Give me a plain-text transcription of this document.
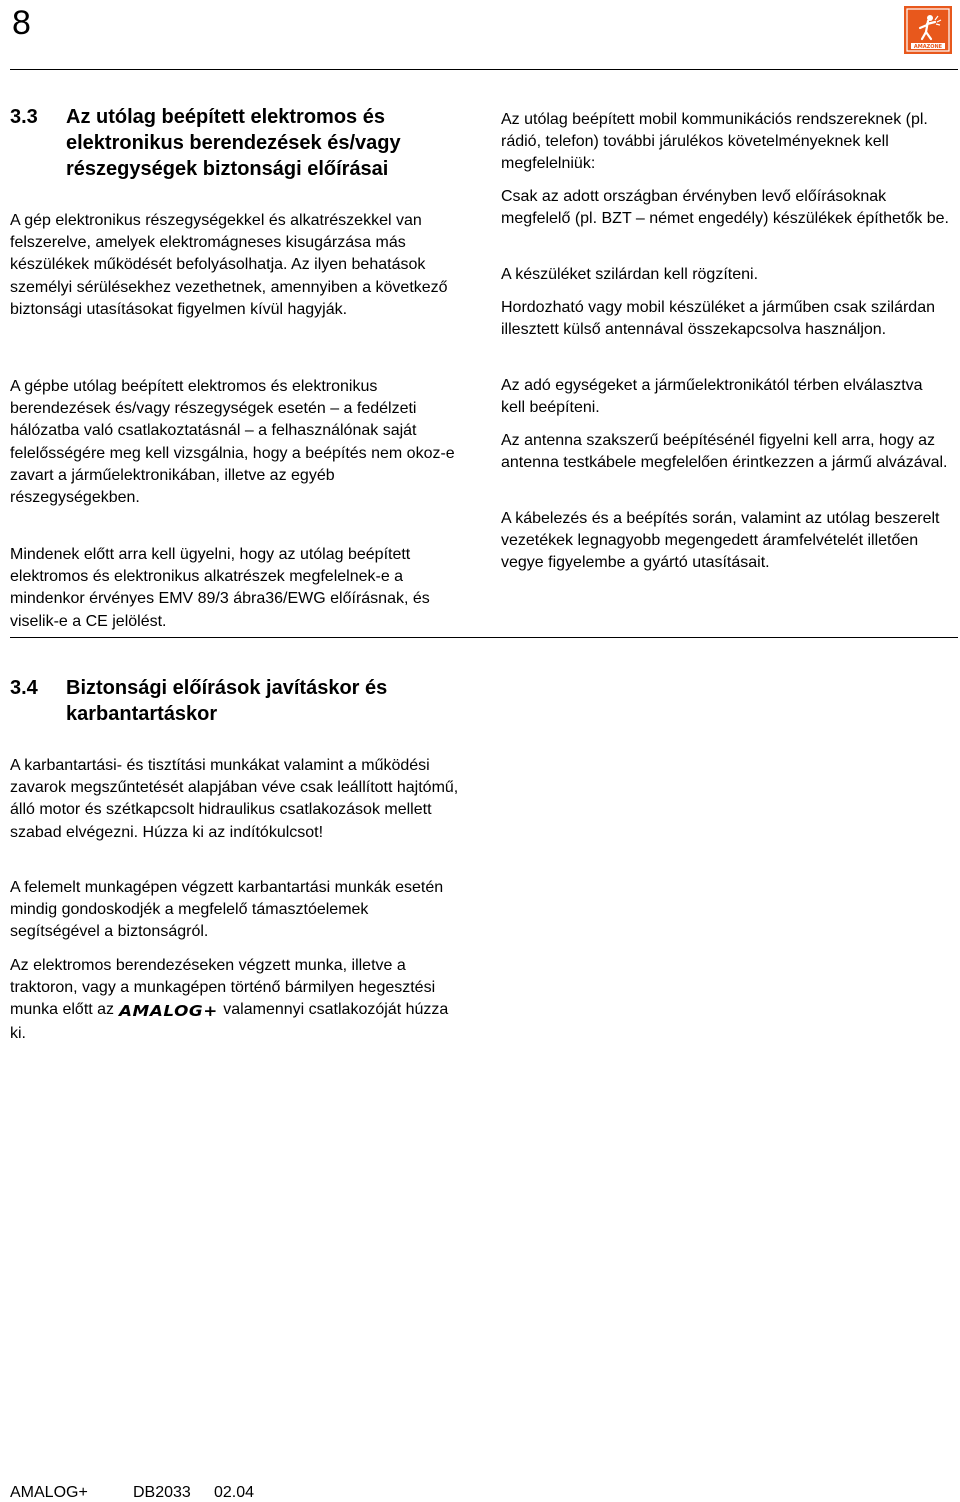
8
AMAZONE
3.3 Az utólag beépített elektromos és elektronikus berendezések és/vagy részegységek biztonsági előírásai

A gép elektronikus részegységekkel és alkatrészekkel van felszerelve, amelyek elektromágneses kisugárzása más készülékek működését befolyásolhatja. Az ilyen behatások személyi sérülésekhez vezethetnek, amennyiben a következő biztonsági utasításokat figyelmen kívül hagyják.

A gépbe utólag beépített elektromos és elektronikus berendezések és/vagy részegységek esetén – a fedélzeti hálózatba való csatlakoztatásnál – a felhasználónak saját felelősségére meg kell vizsgálnia, hogy a beépítés nem okoz-e zavart a járműelektronikában, illetve az egyéb részegységekben.

Mindenek előtt arra kell ügyelni, hogy az utólag beépített elektromos és elektronikus alkatrészek megfelelnek-e a mindenkor érvényes EMV 89/3 ábra36/EWG előírásnak, és viselik-e a CE jelölést.

Az utólag beépített mobil kommunikációs rendszereknek (pl. rádió, telefon) további járulékos követelményeknek kell megfelelniük:

Csak az adott országban érvényben levő előírásoknak megfelelő (pl. BZT – német engedély) készülékek építhetők be.

A készüléket szilárdan kell rögzíteni.

Hordozható vagy mobil készüléket a járműben csak szilárdan illesztett külső antennával összekapcsolva használjon.

Az adó egységeket a járműelektronikától térben elválasztva kell beépíteni.

Az antenna szakszerű beépítésénél figyelni kell arra, hogy az antenna testkábele megfelelően érintkezzen a jármű alvázával.

A kábelezés és a beépítés során, valamint az utólag beszerelt vezetékek legnagyobb megengedett áramfelvételét illetően vegye figyelembe a gyártó utasításait.

3.4 Biztonsági előírások javításkor és karbantartáskor

A karbantartási- és tisztítási munkákat valamint a működési zavarok megszűntetését alapjában véve csak leállított hajtómű, álló motor és szétkapcsolt hidraulikus csatlakozások mellett szabad elvégezni. Húzza ki az indítókulcsot!

A felemelt munkagépen végzett karbantartási munkák esetén mindig gondoskodjék a megfelelő támasztóelemek segítségével a biztonságról.

Az elektromos berendezéseken végzett munka, illetve a traktoron, vagy a munkagépen történő bármilyen hegesztési munka előtt az AMALOG+ valamennyi csatlakozóját húzza ki.

AMALOG+	DB2033 02.04
